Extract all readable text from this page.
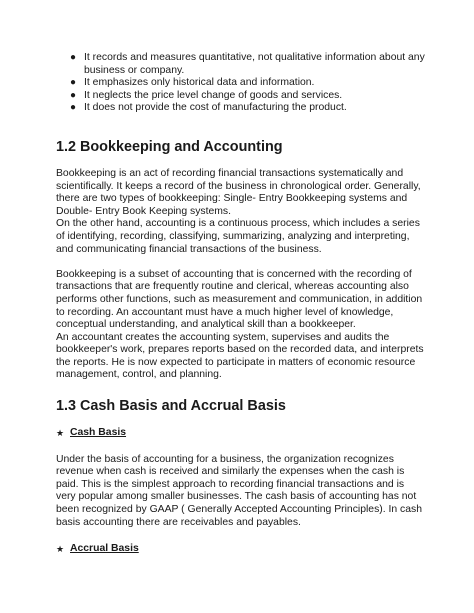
● It records and measures quantitative, not qualitative information about any business or company.
● It emphasizes only historical data and information.
● It neglects the price level change of goods and services.
● It does not provide the cost of manufacturing the product.
1.2 Bookkeeping and Accounting

Bookkeeping is an act of recording financial transactions systematically and scientifically. It keeps a record of the business in chronological order. Generally, there are two types of bookkeeping: Single- Entry Bookkeeping systems and Double- Entry Book Keeping systems.

On the other hand, accounting is a continuous process, which includes a series of identifying, recording, classifying, summarizing, analyzing and interpreting, and communicating financial transactions of the business.

Bookkeeping is a subset of accounting that is concerned with the recording of transactions that are frequently routine and clerical, whereas accounting also performs other functions, such as measurement and communication, in addition to recording. An accountant must have a much higher level of knowledge, conceptual understanding, and analytical skill than a bookkeeper.

An accountant creates the accounting system, supervises and audits the bookkeeper's work, prepares reports based on the recorded data, and interprets the reports. He is now expected to participate in matters of economic resource management, control, and planning.

1.3 Cash Basis and Accrual Basis
★ Cash Basis

Under the basis of accounting for a business, the organization recognizes revenue when cash is received and similarly the expenses when the cash is paid. This is the simplest approach to recording financial transactions and is very popular among smaller businesses. The cash basis of accounting has not been recognized by GAAP ( Generally Accepted Accounting Principles). In cash basis accounting there are receivables and payables.

★ Accrual Basis
